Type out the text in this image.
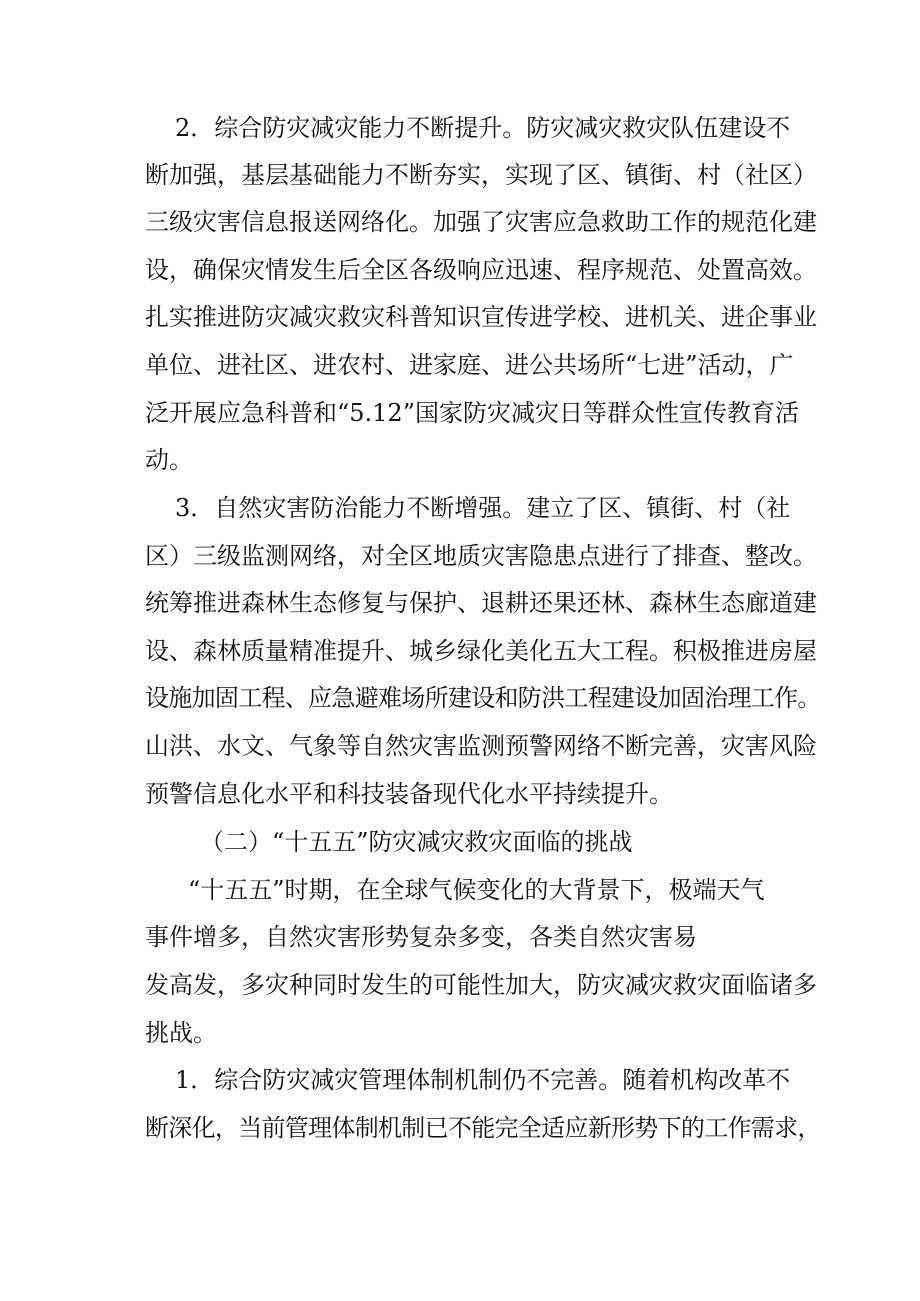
2．综合防灾减灾能力不断提升。防灾减灾救灾队伍建设不
断加强，基层基础能力不断夯实，实现了区、镇街、村（社区）
三级灾害信息报送网络化。加强了灾害应急救助工作的规范化建
设，确保灾情发生后全区各级响应迅速、程序规范、处置高效。
扎实推进防灾减灾救灾科普知识宣传进学校、进机关、进企事业
单位、进社区、进农村、进家庭、进公共场所“七进”活动，广
泛开展应急科普和“5.12”国家防灾减灾日等群众性宣传教育活
动。
3．自然灾害防治能力不断增强。建立了区、镇街、村（社
区）三级监测网络，对全区地质灾害隐患点进行了排查、整改。
统筹推进森林生态修复与保护、退耕还果还林、森林生态廊道建
设、森林质量精准提升、城乡绿化美化五大工程。积极推进房屋
设施加固工程、应急避难场所建设和防洪工程建设加固治理工作。
山洪、水文、气象等自然灾害监测预警网络不断完善，灾害风险
预警信息化水平和科技装备现代化水平持续提升。
（二）“十五五”防灾减灾救灾面临的挑战
“十五五”时期，在全球气候变化的大背景下，极端天气
事件增多，自然灾害形势复杂多变，各类自然灾害易
发高发，多灾种同时发生的可能性加大，防灾减灾救灾面临诸多
挑战。
1．综合防灾减灾管理体制机制仍不完善。随着机构改革不
断深化，当前管理体制机制已不能完全适应新形势下的工作需求，
